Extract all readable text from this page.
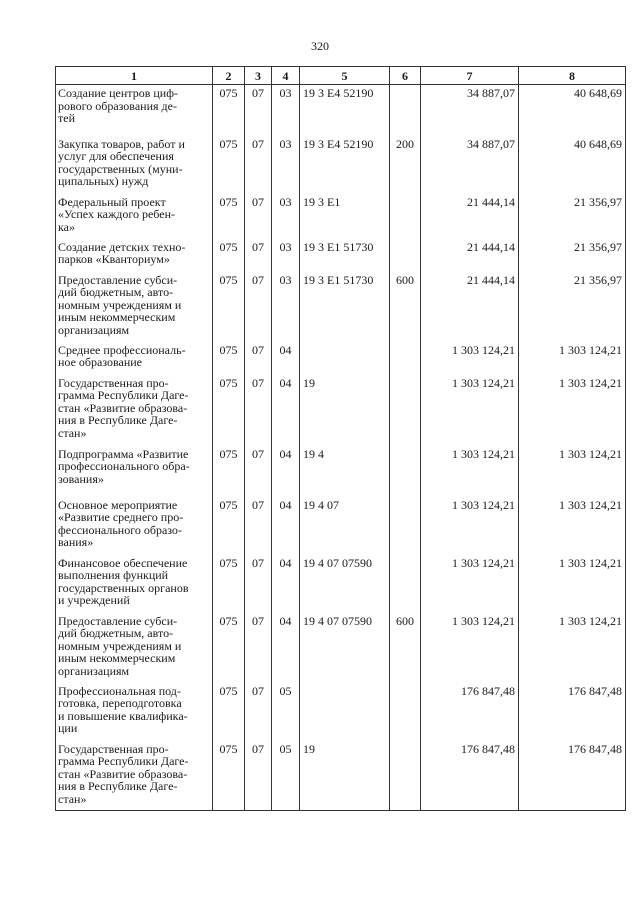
320
1	2	3	4	5	6	7	8
Создание центров циф-
рового образования де-
тей	075	07	03	19 3 E4 52190		34 887,07	40 648,69
Закупка товаров, работ и
услуг для обеспечения
государственных (муни-
ципальных) нужд	075	07	03	19 3 E4 52190	200	34 887,07	40 648,69
Федеральный проект
«Успех каждого ребен-
ка»	075	07	03	19 3 E1		21 444,14	21 356,97
Создание детских техно-
парков «Кванториум»	075	07	03	19 3 E1 51730		21 444,14	21 356,97
Предоставление субси-
дий бюджетным, авто-
номным учреждениям и
иным некоммерческим
организациям	075	07	03	19 3 E1 51730	600	21 444,14	21 356,97
Среднее профессиональ-
ное образование	075	07	04			1 303 124,21	1 303 124,21
Государственная про-
грамма Республики Даге-
стан «Развитие образова-
ния в Республике Даге-
стан»	075	07	04	19		1 303 124,21	1 303 124,21
Подпрограмма «Развитие
профессионального обра-
зования»	075	07	04	19 4		1 303 124,21	1 303 124,21
Основное мероприятие
«Развитие среднего про-
фессионального образо-
вания»	075	07	04	19 4 07		1 303 124,21	1 303 124,21
Финансовое обеспечение
выполнения функций
государственных органов
и учреждений	075	07	04	19 4 07 07590		1 303 124,21	1 303 124,21
Предоставление субси-
дий бюджетным, авто-
номным учреждениям и
иным некоммерческим
организациям	075	07	04	19 4 07 07590	600	1 303 124,21	1 303 124,21
Профессиональная под-
готовка, переподготовка
и повышение квалифика-
ции	075	07	05			176 847,48	176 847,48
Государственная про-
грамма Республики Даге-
стан «Развитие образова-
ния в Республике Даге-
стан»	075	07	05	19		176 847,48	176 847,48
